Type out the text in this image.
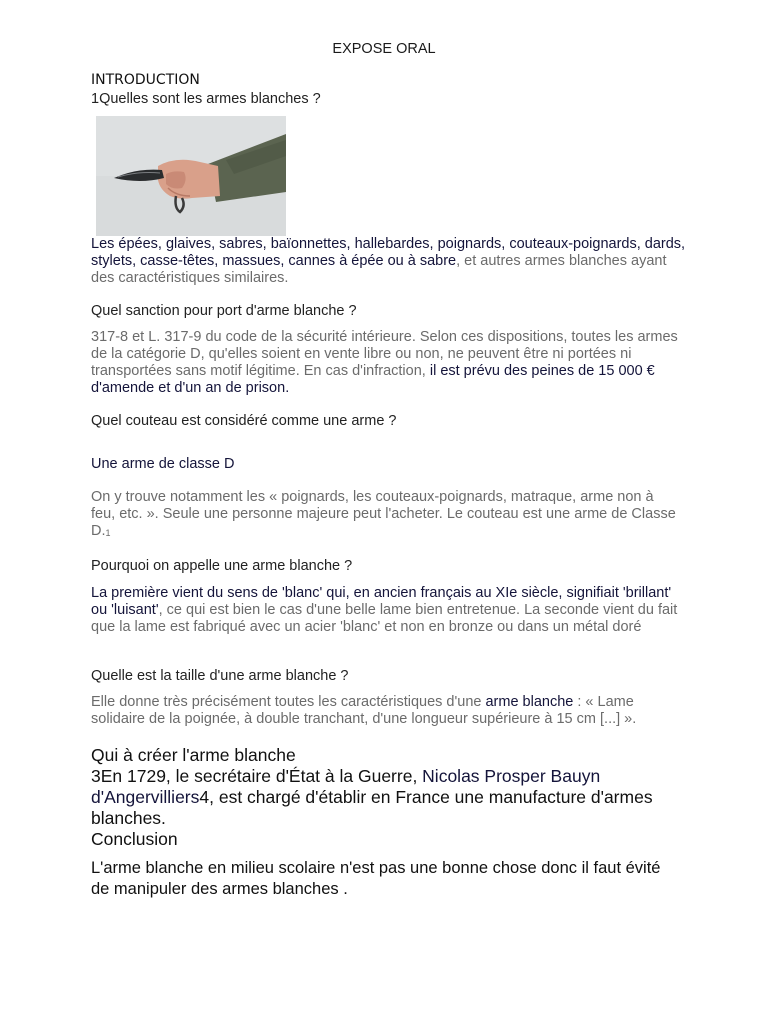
EXPOSE ORAL
INTRODUCTION
1Quelles sont les armes blanches ?

Les épées, glaives, sabres, baïonnettes, hallebardes, poignards, couteaux-poignards, dards, stylets, casse-têtes, massues, cannes à épée ou à sabre, et autres armes blanches ayant des caractéristiques similaires.

Quel sanction pour port d'arme blanche ?

317-8 et L. 317-9 du code de la sécurité intérieure. Selon ces dispositions, toutes les armes de la catégorie D, qu'elles soient en vente libre ou non, ne peuvent être ni portées ni transportées sans motif légitime. En cas d'infraction, il est prévu des peines de 15 000 € d'amende et d'un an de prison.

Quel couteau est considéré comme une arme ?
Une arme de classe D

On y trouve notamment les « poignards, les couteaux-poignards, matraque, arme non à feu, etc. ». Seule une personne majeure peut l'acheter. Le couteau est une arme de Classe D.1

Pourquoi on appelle une arme blanche ?

La première vient du sens de 'blanc' qui, en ancien français au XIe siècle, signifiait 'brillant' ou 'luisant', ce qui est bien le cas d'une belle lame bien entretenue. La seconde vient du fait que la lame est fabriqué avec un acier 'blanc' et non en bronze ou dans un métal doré

Quelle est la taille d'une arme blanche ?

Elle donne très précisément toutes les caractéristiques d'une arme blanche : « Lame solidaire de la poignée, à double tranchant, d'une longueur supérieure à 15 cm [...] ».

Qui à créer l'arme blanche

3En 1729, le secrétaire d'État à la Guerre, Nicolas Prosper Bauyn d'Angervilliers4, est chargé d'établir en France une manufacture d'armes blanches.

Conclusion

L'arme blanche en milieu scolaire n'est pas une bonne chose donc il faut évité de manipuler des armes blanches .
